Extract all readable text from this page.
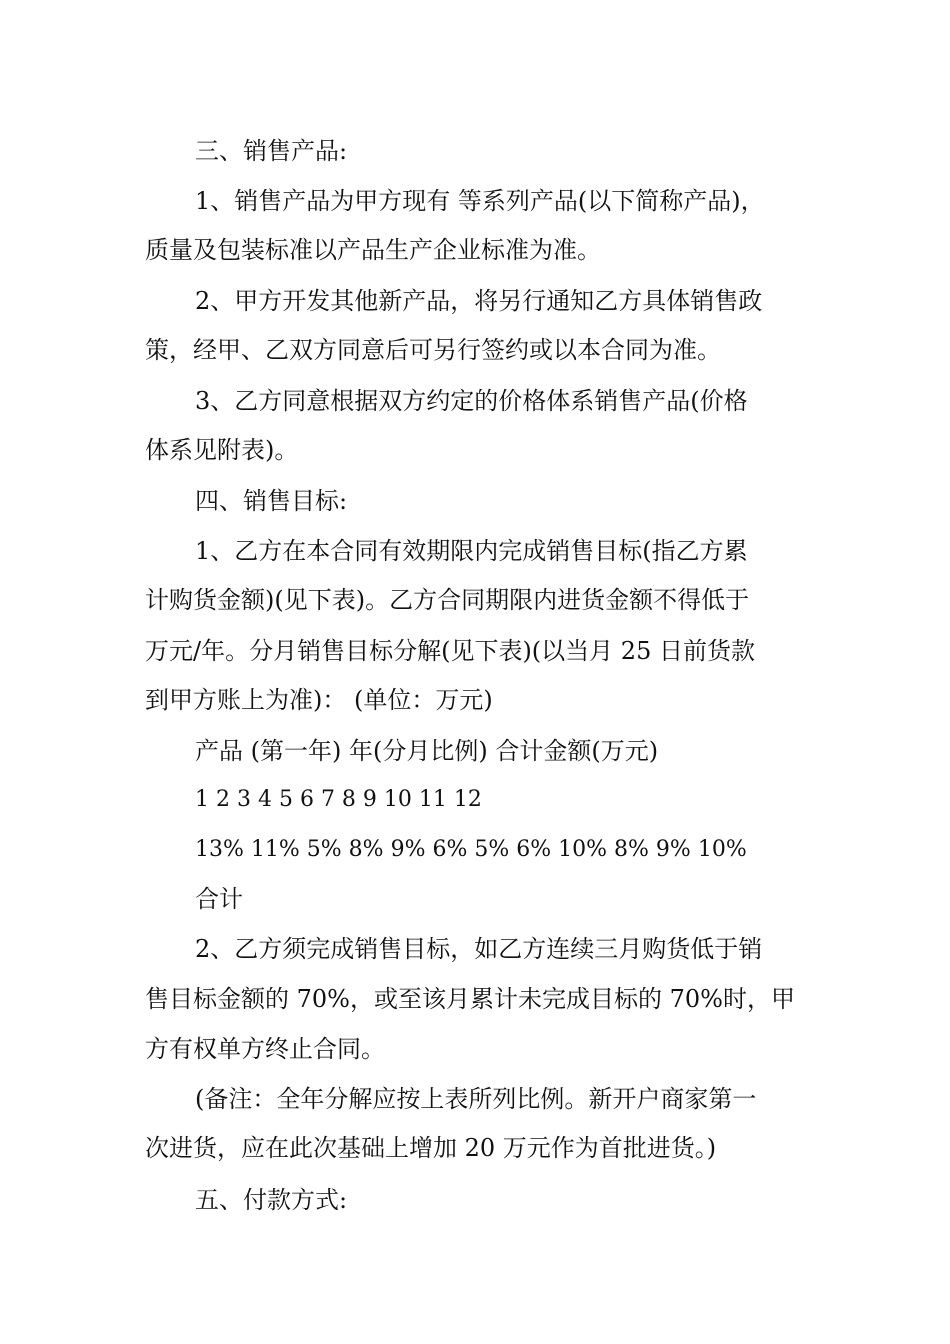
三、销售产品:
1、销售产品为甲方现有 等系列产品(以下简称产品)，
质量及包装标准以产品生产企业标准为准。
2、甲方开发其他新产品，将另行通知乙方具体销售政
策，经甲、乙双方同意后可另行签约或以本合同为准。
3、乙方同意根据双方约定的价格体系销售产品(价格
体系见附表)。
四、销售目标:
1、乙方在本合同有效期限内完成销售目标(指乙方累
计购货金额)(见下表)。乙方合同期限内进货金额不得低于
万元/年。分月销售目标分解(见下表)(以当月 25 日前货款
到甲方账上为准)： (单位：万元)
产品 (第一年) 年(分月比例) 合计金额(万元)
1 2 3 4 5 6 7 8 9 10 11 12
13% 11% 5% 8% 9% 6% 5% 6% 10% 8% 9% 10%
合计
2、乙方须完成销售目标，如乙方连续三月购货低于销
售目标金额的 70%，或至该月累计未完成目标的 70%时，甲
方有权单方终止合同。
(备注：全年分解应按上表所列比例。新开户商家第一
次进货，应在此次基础上增加 20 万元作为首批进货。)
五、付款方式:
